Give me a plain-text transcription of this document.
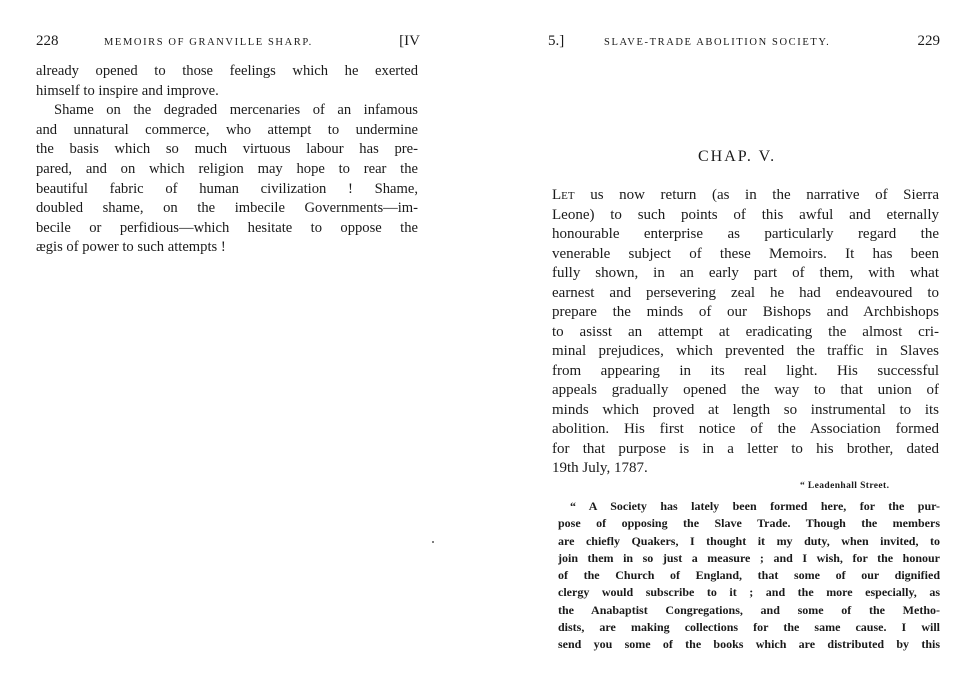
228	MEMOIRS OF GRANVILLE SHARP.	[IV
already opened to those feelings which he exerted
himself to inspire and improve.
Shame on the degraded mercenaries of an infamous
and unnatural commerce, who attempt to undermine
the basis which so much virtuous labour has pre-
pared, and on which religion may hope to rear the
beautiful fabric of human civilization ! Shame,
doubled shame, on the imbecile Governments—im-
becile or perfidious—which hesitate to oppose the
ægis of power to such attempts !
5.]	SLAVE-TRADE ABOLITION SOCIETY.	229
CHAP. V.
Let us now return (as in the narrative of Sierra
Leone) to such points of this awful and eternally
honourable enterprise as particularly regard the
venerable subject of these Memoirs. It has been
fully shown, in an early part of them, with what
earnest and persevering zeal he had endeavoured to
prepare the minds of our Bishops and Archbishops
to asisst an attempt at eradicating the almost cri-
minal prejudices, which prevented the traffic in Slaves
from appearing in its real light. His successful
appeals gradually opened the way to that union of
minds which proved at length so instrumental to its
abolition. His first notice of the Association formed
for that purpose is in a letter to his brother, dated
19th July, 1787.
“ Leadenhall Street.
“ A Society has lately been formed here, for the pur-
pose of opposing the Slave Trade. Though the members
are chiefly Quakers, I thought it my duty, when invited, to
join them in so just a measure ; and I wish, for the honour
of the Church of England, that some of our dignified
clergy would subscribe to it ; and the more especially, as
the Anabaptist Congregations, and some of the Metho-
dists, are making collections for the same cause. I will
send you some of the books which are distributed by this
